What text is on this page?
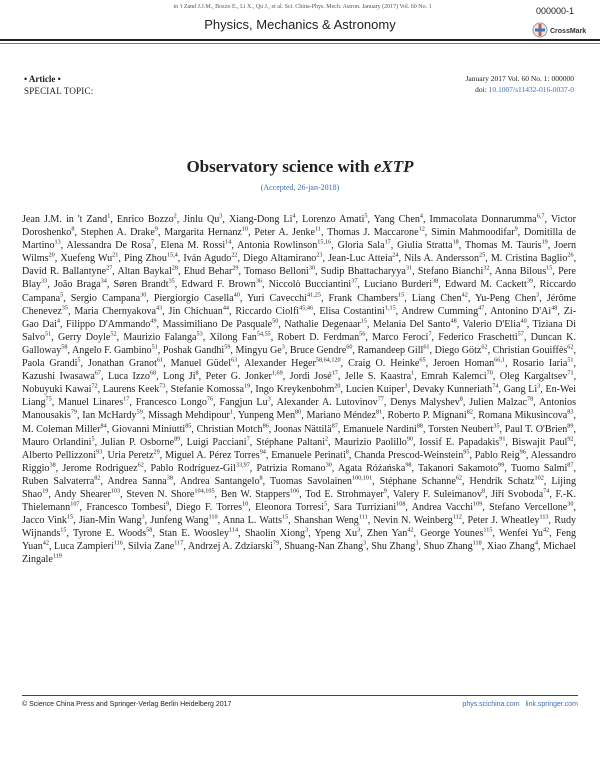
in 't Zand J.J.M., Bozzo E., Li X., Qu J., et al. Sci. China-Phys. Mech. Astron. January (2017) Vol. 60 No. 1	000000-1
Physics, Mechanics & Astronomy	CrossMark
• Article •
SPECIAL TOPIC:
January 2017 Vol. 60 No. 1: 000000
doi: 10.1007/s11432-016-0037-0
Observatory science with eXTP
(Accepted, 26-jan-2018)
Jean J.M. in 't Zand$^1$, Enrico Bozzo$^2$, Jinlu Qu$^3$, Xiang-Dong Li$^4$, Lorenzo Amati$^5$, Yang Chen$^4$, Immacolata Donnarumma$^{6,7}$, Victor Doroshenko$^8$, Stephen A. Drake$^9$, Margarita Hernanz$^{10}$, Peter A. Jenke$^{11}$, Thomas J. Maccarone$^{12}$, Simin Mahmoodifar$^9$, Domitilla de Martino$^{13}$, Alessandra De Rosa$^7$, Elena M. Rossi$^{14}$, Antonia Rowlinson$^{15,16}$, Gloria Sala$^{17}$, Giulia Stratta$^{18}$, Thomas M. Tauris$^{19}$, Joern Wilms$^{20}$, Xuefeng Wu$^{21}$, Ping Zhou$^{15,4}$, Iván Agudo$^{22}$, Diego Altamirano$^{23}$, Jean-Luc Atteia$^{24}$, Nils A. Andersson$^{25}$, M. Cristina Baglio$^{26}$, David R. Ballantyne$^{27}$, Altan Baykal$^{28}$, Ehud Behar$^{29}$, Tomaso Belloni$^{30}$, Sudip Bhattacharyya$^{31}$, Stefano Bianchi$^{32}$, Anna Bilous$^{15}$, Pere Blay$^{33}$, João Braga$^{34}$, Søren Brandt$^{35}$, Edward F. Brown$^{36}$, Niccolò Bucciantini$^{37}$, Luciano Burderi$^{38}$, Edward M. Cackett$^{39}$, Riccardo Campana$^5$, Sergio Campana$^{30}$, Piergiorgio Casella$^{40}$, Yuri Cavecchi$^{41,25}$, Frank Chambers$^{15}$, Liang Chen$^{42}$, Yu-Peng Chen$^3$, Jérôme Chenevez$^{35}$, Maria Chernyakova$^{43}$, Jin Chichuan$^{44}$, Riccardo Ciolfi$^{45,46}$, Elisa Costantini$^{1,15}$, Andrew Cumming$^{47}$, Antonino $D'Aì^{48}$, Zi-Gao Dai$^4$, Filippo D'Ammando$^{49}$, Massimiliano De Pasquale$^{50}$, Nathalie Degenaar$^{15}$, Melania Del Santo$^{48}$, Valerio D'Elia$^{40}$, Tiziana Di Salvo$^{51}$, Gerry Doyle$^{52}$, Maurizio Falanga$^{53}$, Xilong Fan$^{54,55}$, Robert D. Ferdman$^{56}$, Marco Feroci$^7$, Federico Fraschetti$^{57}$, Duncan K. Galloway$^{58}$, Angelo F. Gambino$^{51}$, Poshak Gandhi$^{59}$, Mingyu Ge$^3$, Bruce Gendre$^{60}$, Ramandeep Gill$^{61}$, Diego Götz$^{62}$, Christian Gouiffès$^{62}$, Paola Grandi$^5$, Jonathan Granot$^{61}$, Manuel Güdel$^{63}$, Alexander Heger$^{58,64,120}$, Craig O. Heinke$^{65}$, Jeroen Homan$^{66,1}$, Rosario Iaria$^{51}$, Kazushi Iwasawa$^{67}$, Luca Izzo$^{68}$, Long Ji$^8$, Peter G. Jonker$^{1,69}$, Jordi José$^{17}$, Jelle S. Kaastra$^1$, Emrah Kalemci$^{70}$, Oleg Kargaltsev$^{71}$, Nobuyuki Kawai$^{72}$, Laurens Keek$^{73}$, Stefanie Komossa$^{19}$, Ingo Kreykenbohm$^{20}$, Lucien Kuiper$^1$, Devaky Kunneriath$^{74}$, Gang Li$^3$, En-Wei Liang$^{75}$, Manuel Linares$^{17}$, Francesco Longo$^{76}$, Fangjun Lu$^3$, Alexander A. Lutovinov$^{77}$, Denys Malyshev$^8$, Julien Malzac$^{78}$, Antonios Manousakis$^{79}$, Ian McHardy$^{59}$, Missagh Mehdipour$^1$, Yunpeng Men$^{80}$, Mariano Méndez$^{81}$, Roberto P. Mignani$^{82}$, Romana Mikusincova$^{83}$, M. Coleman Miller$^{84}$, Giovanni Miniutti$^{85}$, Christian Motch$^{86}$, Joonas Nättilä$^{87}$, Emanuele Nardini$^{88}$, Torsten Neubert$^{35}$, Paul T. O'Brien$^{89}$, Mauro Orlandini$^5$, Julian P. Osborne$^{89}$, Luigi Pacciani$^7$, Stéphane Paltani$^2$, Maurizio Paolillo$^{90}$, Iossif E. Papadakis$^{91}$, Biswajit Paul$^{92}$, Alberto Pellizzoni$^{93}$, Uria Peretz$^{29}$, Miguel A. Pérez Torres$^{94}$, Emanuele Perinati$^8$, Chanda Prescod-Weinstein$^{95}$, Pablo Reig$^{96}$, Alessandro Riggio$^{38}$, Jerome Rodriguez$^{62}$, Pablo Rodríguez-Gil$^{33,97}$, Patrizia Romano$^{30}$, Agata Różańska$^{98}$, Takanori Sakamoto$^{99}$, Tuomo Salmi$^{87}$, Ruben Salvaterra$^{82}$, Andrea Sanna$^{38}$, Andrea Santangelo$^8$, Tuomas Savolainen$^{100,101}$, Stéphane Schanne$^{62}$, Hendrik Schatz$^{102}$, Lijing Shao$^{19}$, Andy Shearer$^{103}$, Steven N. Shore$^{104,105}$, Ben W. Stappers$^{106}$, Tod E. Strohmayer$^9$, Valery F. Suleimanov$^8$, Jiří Svoboda$^{74}$, F.-K. Thielemann$^{107}$, Francesco Tombesi$^9$, Diego F. Torres$^{10}$, Eleonora Torresi$^5$, Sara Turriziani$^{108}$, Andrea Vacchi$^{109}$, Stefano Vercellone$^{30}$, Jacco Vink$^{15}$, Jian-Min Wang$^3$, Junfeng Wang$^{110}$, Anna L. Watts$^{15}$, Shanshan Weng$^{111}$, Nevin N. Weinberg$^{112}$, Peter J. Wheatley$^{113}$, Rudy Wijnands$^{15}$, Tyrone E. Woods$^{58}$, Stan E. Woosley$^{114}$, Shaolin Xiong$^3$, Ypeng Xu$^3$, Zhen Yan$^{42}$, George Younes$^{115}$, Wenfei Yu$^{42}$, Feng Yuan$^{42}$, Luca Zampieri$^{116}$, Silvia Zane$^{117}$, Andrzej A. Zdziarski$^{79}$, Shuang-Nan Zhang$^3$, Shu Zhang$^3$, Shuo Zhang$^{118}$, Xiao Zhang$^4$, Michael Zingale$^{119}$
© Science China Press and Springer-Verlag Berlin Heidelberg 2017	phys.scichina.com link.springer.com
